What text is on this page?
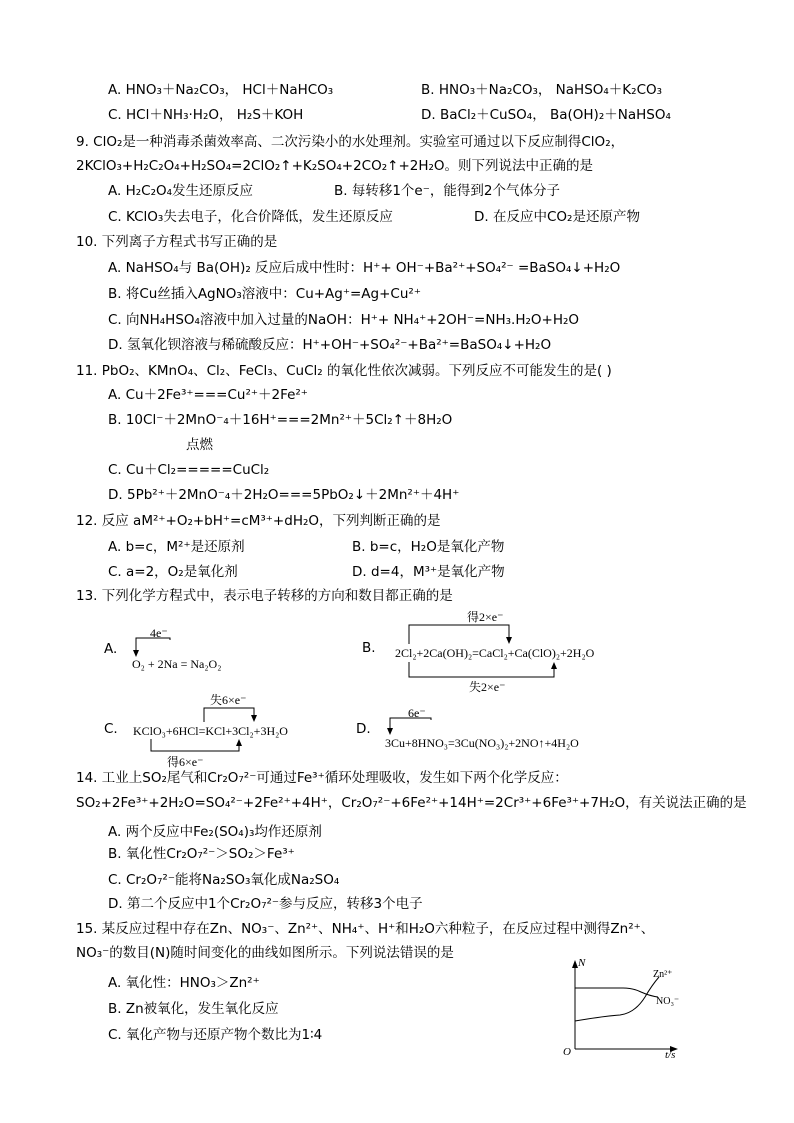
A. HNO₃＋Na₂CO₃， HCl＋NaHCO₃	B. HNO₃＋Na₂CO₃， NaHSO₄＋K₂CO₃
C. HCl＋NH₃·H₂O， H₂S＋KOH	D. BaCl₂＋CuSO₄， Ba(OH)₂＋NaHSO₄
9. ClO₂是一种消毒杀菌效率高、二次污染小的水处理剂。实验室可通过以下反应制得ClO₂，
2KClO₃+H₂C₂O₄+H₂SO₄=2ClO₂↑+K₂SO₄+2CO₂↑+2H₂O。则下列说法中正确的是
A. H₂C₂O₄发生还原反应	B. 每转移1个e⁻，能得到2个气体分子
C. KClO₃失去电子，化合价降低，发生还原反应	D. 在反应中CO₂是还原产物
10. 下列离子方程式书写正确的是
A. NaHSO₄与 Ba(OH)₂ 反应后成中性时：H⁺+ OH⁻+Ba²⁺+SO₄²⁻ =BaSO₄↓+H₂O
B. 将Cu丝插入AgNO₃溶液中：Cu+Ag⁺=Ag+Cu²⁺
C. 向NH₄HSO₄溶液中加入过量的NaOH：H⁺+ NH₄⁺+2OH⁻=NH₃.H₂O+H₂O
D. 氢氧化钡溶液与稀硫酸反应：H⁺+OH⁻+SO₄²⁻+Ba²⁺=BaSO₄↓+H₂O
11. PbO₂、KMnO₄、Cl₂、FeCl₃、CuCl₂ 的氧化性依次减弱。下列反应不可能发生的是( )
A. Cu＋2Fe³⁺===Cu²⁺＋2Fe²⁺
B. 10Cl⁻＋2MnO⁻₄＋16H⁺===2Mn²⁺＋5Cl₂↑＋8H₂O
点燃
C. Cu＋Cl₂=====CuCl₂
D. 5Pb²⁺＋2MnO⁻₄＋2H₂O===5PbO₂↓＋2Mn²⁺＋4H⁺
12. 反应 aM²⁺+O₂+bH⁺=cM³⁺+dH₂O，下列判断正确的是
A. b=c，M²⁺是还原剂	B. b=c，H₂O是氧化产物
C. a=2，O₂是氧化剂	D. d=4，M³⁺是氧化产物
13. 下列化学方程式中，表示电子转移的方向和数目都正确的是
A.
4e⁻
O₂ + 2Na = Na₂O₂
B.
得2×e⁻
2Cl₂+2Ca(OH)₂=CaCl₂+Ca(ClO)₂+2H₂O
失2×e⁻
C.
失6×e⁻
KClO₃+6HCl=KCl+3Cl₂+3H₂O
得6×e⁻
D.
6e⁻
3Cu+8HNO₃=3Cu(NO₃)₂+2NO↑+4H₂O
14. 工业上SO₂尾气和Cr₂O₇²⁻可通过Fe³⁺循环处理吸收，发生如下两个化学反应：
SO₂+2Fe³⁺+2H₂O=SO₄²⁻+2Fe²⁺+4H⁺，Cr₂O₇²⁻+6Fe²⁺+14H⁺=2Cr³⁺+6Fe³⁺+7H₂O，有关说法正确的是
A. 两个反应中Fe₂(SO₄)₃均作还原剂
B. 氧化性Cr₂O₇²⁻＞SO₂＞Fe³⁺
C. Cr₂O₇²⁻能将Na₂SO₃氧化成Na₂SO₄
D. 第二个反应中1个Cr₂O₇²⁻参与反应，转移3个电子
15. 某反应过程中存在Zn、NO₃⁻、Zn²⁺、NH₄⁺、H⁺和H₂O六种粒子，在反应过程中测得Zn²⁺、
NO₃⁻的数目(N)随时间变化的曲线如图所示。下列说法错误的是
A. 氧化性：HNO₃＞Zn²⁺
B. Zn被氧化，发生氧化反应
C. 氧化产物与还原产物个数比为1∶4
N
O	t/s
Zn²⁺
NO₃⁻
